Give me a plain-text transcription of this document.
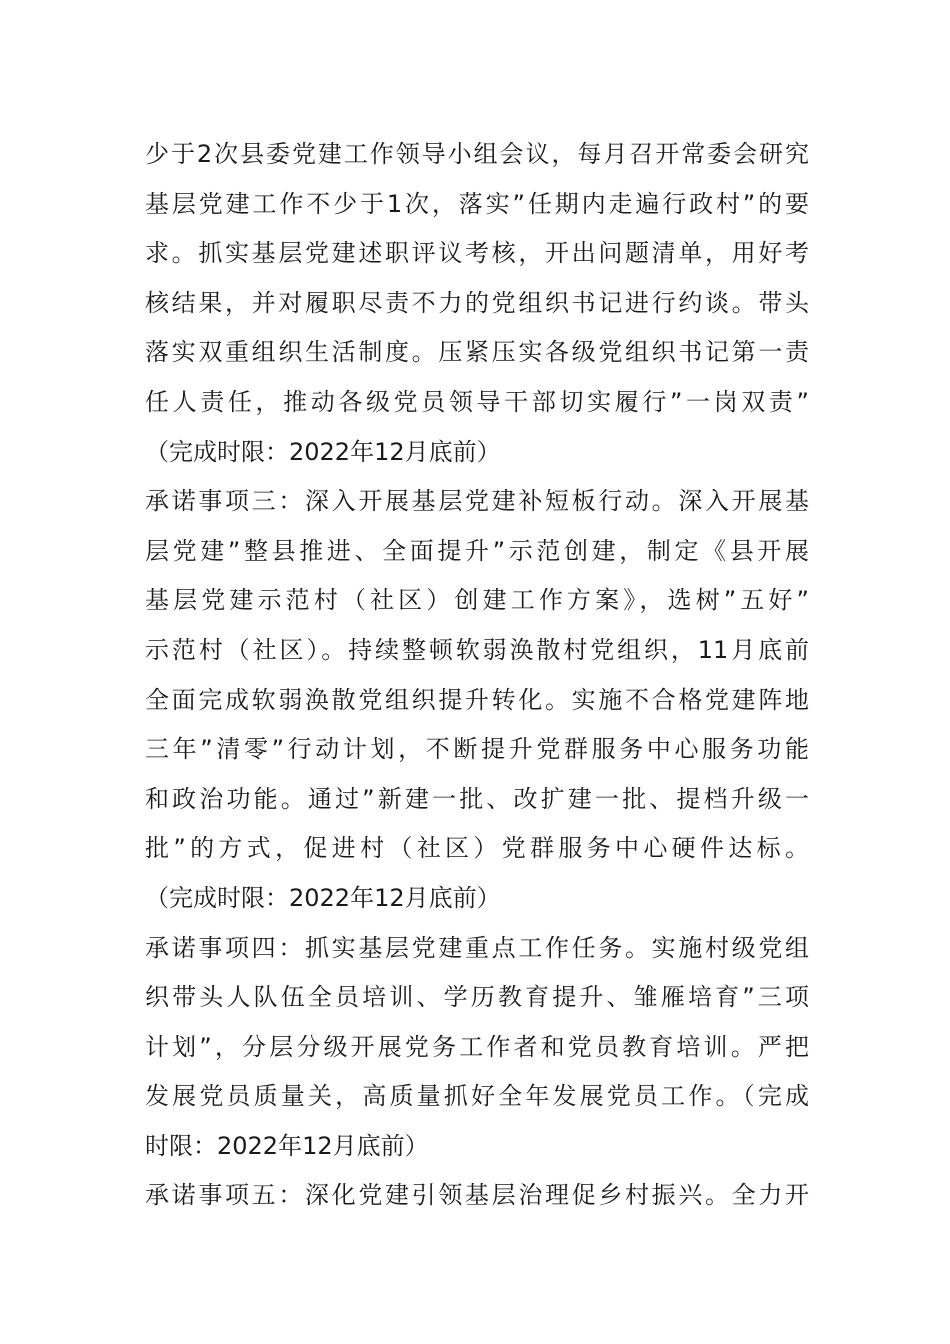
少于2次县委党建工作领导小组会议，每月召开常委会研究
基层党建工作不少于1次，落实”任期内走遍行政村”的要
求。抓实基层党建述职评议考核，开出问题清单，用好考
核结果，并对履职尽责不力的党组织书记进行约谈。带头
落实双重组织生活制度。压紧压实各级党组织书记第一责
任人责任，推动各级党员领导干部切实履行”一岗双责”
（完成时限：2022年12月底前）
承诺事项三：深入开展基层党建补短板行动。深入开展基
层党建”整县推进、全面提升”示范创建，制定《县开展
基层党建示范村（社区）创建工作方案》，选树”五好”
示范村（社区）。持续整顿软弱涣散村党组织，11月底前
全面完成软弱涣散党组织提升转化。实施不合格党建阵地
三年”清零”行动计划，不断提升党群服务中心服务功能
和政治功能。通过”新建一批、改扩建一批、提档升级一
批”的方式，促进村（社区）党群服务中心硬件达标。
（完成时限：2022年12月底前）
承诺事项四：抓实基层党建重点工作任务。实施村级党组
织带头人队伍全员培训、学历教育提升、雏雁培育”三项
计划”，分层分级开展党务工作者和党员教育培训。严把
发展党员质量关，高质量抓好全年发展党员工作。（完成
时限：2022年12月底前）
承诺事项五：深化党建引领基层治理促乡村振兴。全力开
